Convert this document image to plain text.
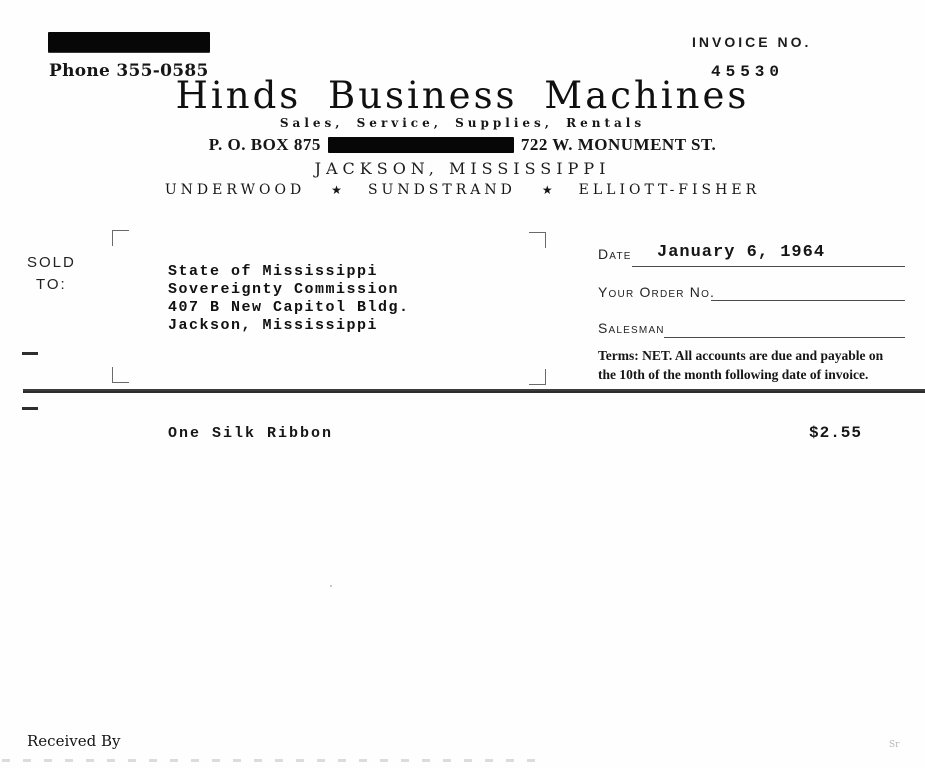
Phone 355-0585
INVOICE NO.
45530
Hinds Business Machines
Sales, Service, Supplies, Rentals
P. O. BOX 875	722 W. MONUMENT ST.
JACKSON, MISSISSIPPI
UNDERWOOD ★ SUNDSTRAND ★ ELLIOTT-FISHER
SOLD
TO:
State of Mississippi
Sovereignty Commission
407 B New Capitol Bldg.
Jackson, Mississippi
Date January 6, 1964
Your Order No.
Salesman
Terms: NET. All accounts are due and payable on
the 10th of the month following date of invoice.
One Silk Ribbon	$2.55
Received By	Sr
